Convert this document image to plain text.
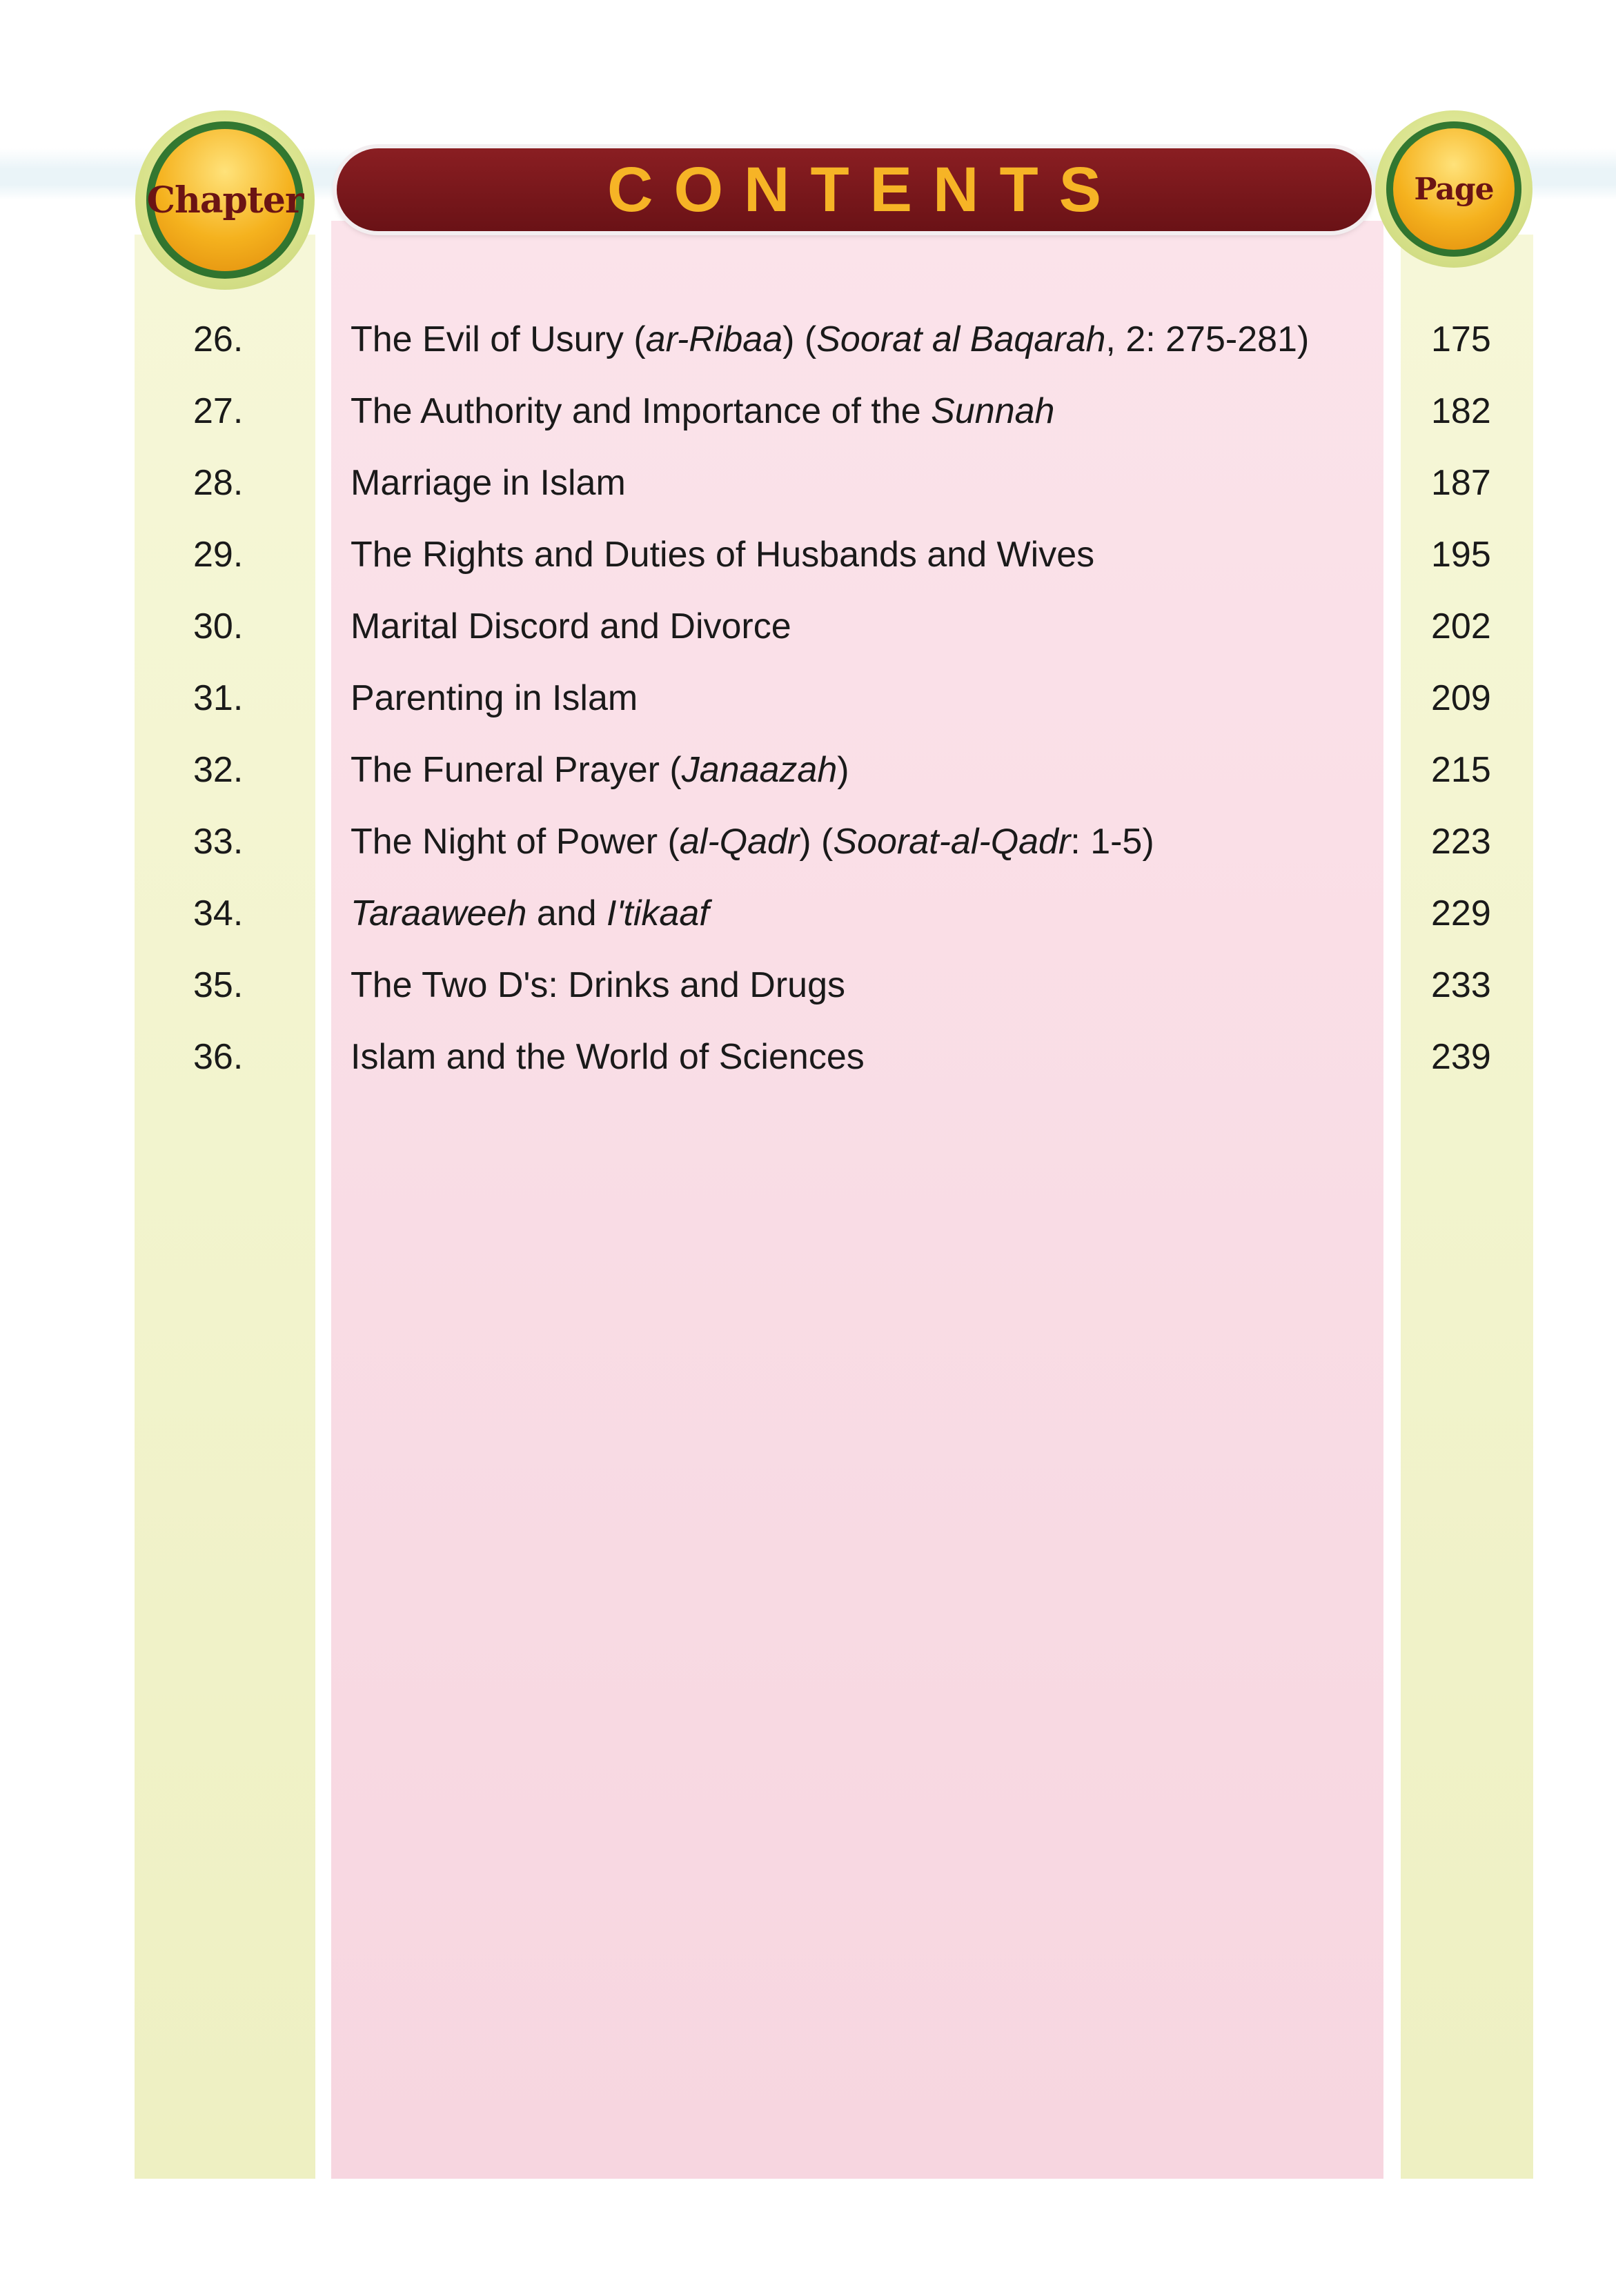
Chapter	CONTENTS	Page
26.	The Evil of Usury (ar-Ribaa) (Soorat al Baqarah, 2: 275-281)	175
27.	The Authority and Importance of the Sunnah	182
28.	Marriage in Islam	187
29.	The Rights and Duties of Husbands and Wives	195
30.	Marital Discord and Divorce	202
31.	Parenting in Islam	209
32.	The Funeral Prayer (Janaazah)	215
33.	The Night of Power (al-Qadr) (Soorat-al-Qadr: 1-5)	223
34.	Taraaweeh and I'tikaaf	229
35.	The Two D's: Drinks and Drugs	233
36.	Islam and the World of Sciences	239
